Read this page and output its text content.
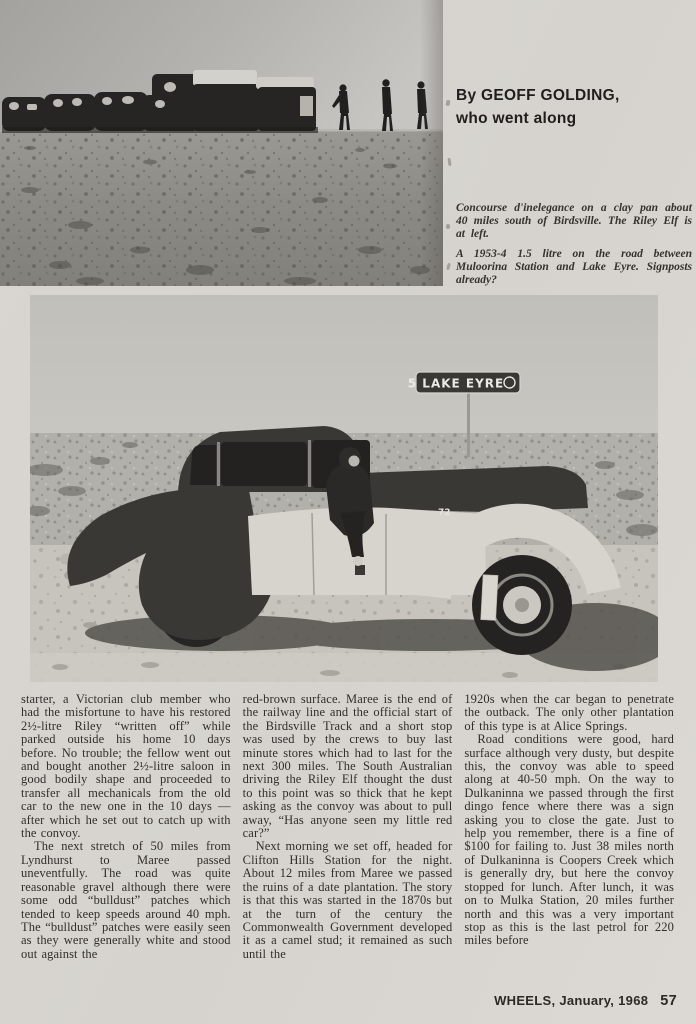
By GEOFF GOLDING,
who went along
Concourse d'inelegance on a clay pan about 40 miles south of Birdsville. The Riley Elf is at left.
A 1953-4 1.5 litre on the road between Muloorina Station and Lake Eyre. Signposts already?
5 LAKE EYRE
72

starter, a Victorian club member who had the misfortune to have his restored 2½-litre Riley “written off” while parked outside his home 10 days before. No trouble; the fellow went out and bought another 2½-litre saloon in good bodily shape and proceeded to transfer all mechanicals from the old car to the new one in the 10 days — after which he set out to catch up with the convoy.

The next stretch of 50 miles from Lyndhurst to Maree passed uneventfully. The road was quite reasonable gravel although there were some odd “bulldust” patches which tended to keep speeds around 40 mph. The “bulldust” patches were easily seen as they were generally white and stood out against the

red-brown surface. Maree is the end of the railway line and the official start of the Birdsville Track and a short stop was used by the crews to buy last minute stores which had to last for the next 300 miles. The South Australian driving the Riley Elf thought the dust to this point was so thick that he kept asking as the convoy was about to pull away, “Has anyone seen my little red car?”

Next morning we set off, headed for Clifton Hills Station for the night. About 12 miles from Maree we passed the ruins of a date plantation. The story is that this was started in the 1870s but at the turn of the century the Commonwealth Government developed it as a camel stud; it remained as such until the

1920s when the car began to penetrate the outback. The only other plantation of this type is at Alice Springs.

Road conditions were good, hard surface although very dusty, but despite this, the convoy was able to speed along at 40-50 mph. On the way to Dulkaninna we passed through the first dingo fence where there was a sign asking you to close the gate. Just to help you remember, there is a fine of $100 for failing to. Just 38 miles north of Dulkaninna is Coopers Creek which is generally dry, but here the convoy stopped for lunch. After lunch, it was on to Mulka Station, 20 miles further north and this was a very important stop as this is the last petrol for 220 miles before

WHEELS, January, 1968 57
